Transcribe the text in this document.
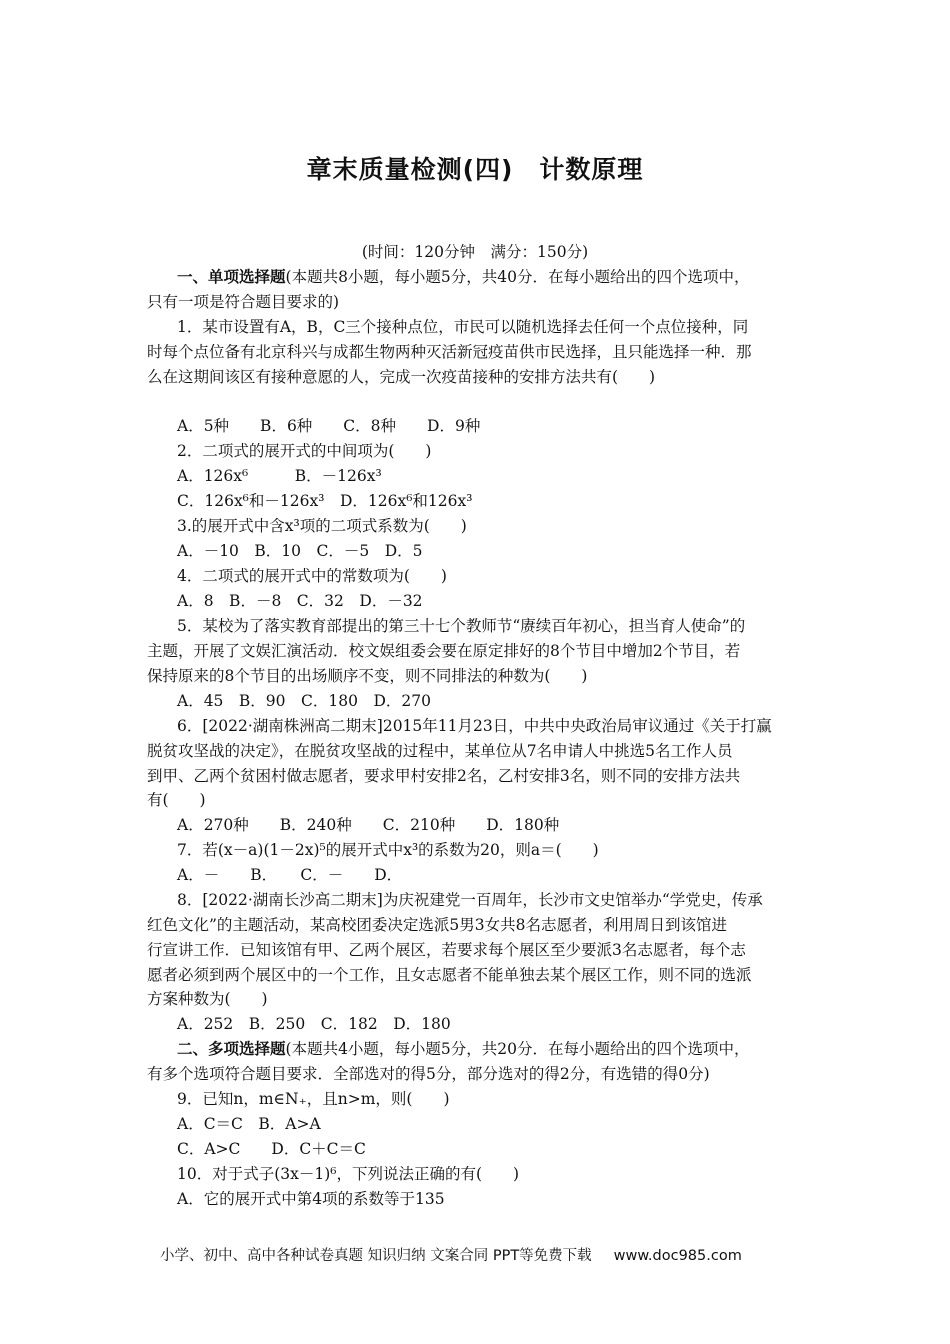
章末质量检测(四) 计数原理
(时间：120分钟　满分：150分)
一、单项选择题(本题共8小题，每小题5分，共40分．在每小题给出的四个选项中，
只有一项是符合题目要求的)
1．某市设置有A，B，C三个接种点位，市民可以随机选择去任何一个点位接种，同
时每个点位备有北京科兴与成都生物两种灭活新冠疫苗供市民选择，且只能选择一种．那
么在这期间该区有接种意愿的人，完成一次疫苗接种的安排方法共有(　　)
A．5种　　B．6种　　C．8种　　D．9种
2．二项式的展开式的中间项为(　　)
A．126x⁶　　　B．－126x³
C．126x⁶和－126x³　D．126x⁶和126x³
3.的展开式中含x³项的二项式系数为(　　)
A．－10　B．10　C．－5　D．5
4．二项式的展开式中的常数项为(　　)
A．8　B．－8　C．32　D．－32
5．某校为了落实教育部提出的第三十七个教师节“赓续百年初心，担当育人使命”的
主题，开展了文娱汇演活动．校文娱组委会要在原定排好的8个节目中增加2个节目，若
保持原来的8个节目的出场顺序不变，则不同排法的种数为(　　)
A．45　B．90　C．180　D．270
6．[2022·湖南株洲高二期末]2015年11月23日，中共中央政治局审议通过《关于打赢
脱贫攻坚战的决定》，在脱贫攻坚战的过程中，某单位从7名申请人中挑选5名工作人员
到甲、乙两个贫困村做志愿者，要求甲村安排2名，乙村安排3名，则不同的安排方法共
有(　　)
A．270种　　B．240种　　C．210种　　D．180种
7．若(x－a)(1－2x)⁵的展开式中x³的系数为20，则a＝(　　)
A．－　　B．　　C．－　　D．
8．[2022·湖南长沙高二期末]为庆祝建党一百周年，长沙市文史馆举办“学党史，传承
红色文化”的主题活动，某高校团委决定选派5男3女共8名志愿者，利用周日到该馆进
行宣讲工作．已知该馆有甲、乙两个展区，若要求每个展区至少要派3名志愿者，每个志
愿者必须到两个展区中的一个工作，且女志愿者不能单独去某个展区工作，则不同的选派
方案种数为(　　)
A．252　B．250　C．182　D．180
二、多项选择题(本题共4小题，每小题5分，共20分．在每小题给出的四个选项中，
有多个选项符合题目要求．全部选对的得5分，部分选对的得2分，有选错的得0分)
9．已知n，m∈N₊，且n>m，则(　　)
A．C＝C　B．A>A
C．A>C　　D．C＋C＝C
10．对于式子(3x－1)⁶，下列说法正确的有(　　)
A．它的展开式中第4项的系数等于135
小学、初中、高中各种试卷真题 知识归纳 文案合同 PPT等免费下载 www.doc985.com
